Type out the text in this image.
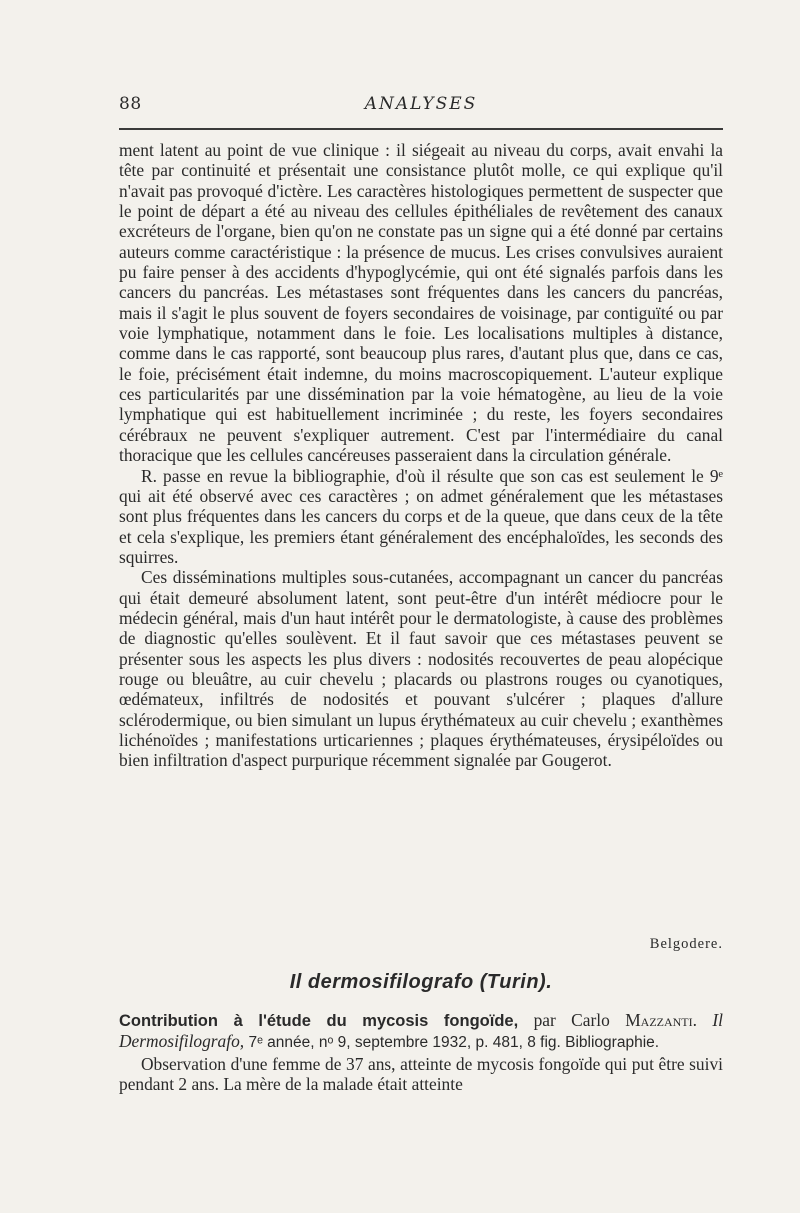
88	ANALYSES

ment latent au point de vue clinique : il siégeait au niveau du corps, avait envahi la tête par continuité et présentait une consistance plutôt molle, ce qui explique qu'il n'avait pas provoqué d'ictère. Les caractères histologiques permettent de suspecter que le point de départ a été au niveau des cellules épithéliales de revêtement des canaux excréteurs de l'organe, bien qu'on ne constate pas un signe qui a été donné par certains auteurs comme caractéristique : la présence de mucus. Les crises convulsives auraient pu faire penser à des accidents d'hypoglycémie, qui ont été signalés parfois dans les cancers du pancréas. Les métastases sont fréquentes dans les cancers du pancréas, mais il s'agit le plus souvent de foyers secondaires de voisinage, par contiguïté ou par voie lymphatique, notamment dans le foie. Les localisations multiples à distance, comme dans le cas rapporté, sont beaucoup plus rares, d'autant plus que, dans ce cas, le foie, précisément était indemne, du moins macroscopiquement. L'auteur explique ces particularités par une dissémination par la voie hématogène, au lieu de la voie lymphatique qui est habituellement incriminée ; du reste, les foyers secondaires cérébraux ne peuvent s'expliquer autrement. C'est par l'intermédiaire du canal thoracique que les cellules cancéreuses passeraient dans la circulation générale.

R. passe en revue la bibliographie, d'où il résulte que son cas est seulement le 9ᵉ qui ait été observé avec ces caractères ; on admet généralement que les métastases sont plus fréquentes dans les cancers du corps et de la queue, que dans ceux de la tête et cela s'explique, les premiers étant généralement des encéphaloïdes, les seconds des squirres.

Ces disséminations multiples sous-cutanées, accompagnant un cancer du pancréas qui était demeuré absolument latent, sont peut-être d'un intérêt médiocre pour le médecin général, mais d'un haut intérêt pour le dermatologiste, à cause des problèmes de diagnostic qu'elles soulèvent. Et il faut savoir que ces métastases peuvent se présenter sous les aspects les plus divers : nodosités recouvertes de peau alopécique rouge ou bleuâtre, au cuir chevelu ; placards ou plastrons rouges ou cyanotiques, œdémateux, infiltrés de nodosités et pouvant s'ulcérer ; plaques d'allure sclérodermique, ou bien simulant un lupus érythémateux au cuir chevelu ; exanthèmes lichénoïdes ; manifestations urticariennes ; plaques érythémateuses, érysipéloïdes ou bien infiltration d'aspect purpurique récemment signalée par Gougerot.

Belgodere.
Il dermosifilografo (Turin).

Contribution à l'étude du mycosis fongoïde, par Carlo Mazzanti. Il Dermosifilografo, 7ᵉ année, nᵒ 9, septembre 1932, p. 481, 8 fig. Bibliographie.

Observation d'une femme de 37 ans, atteinte de mycosis fongoïde qui put être suivi pendant 2 ans. La mère de la malade était atteinte
